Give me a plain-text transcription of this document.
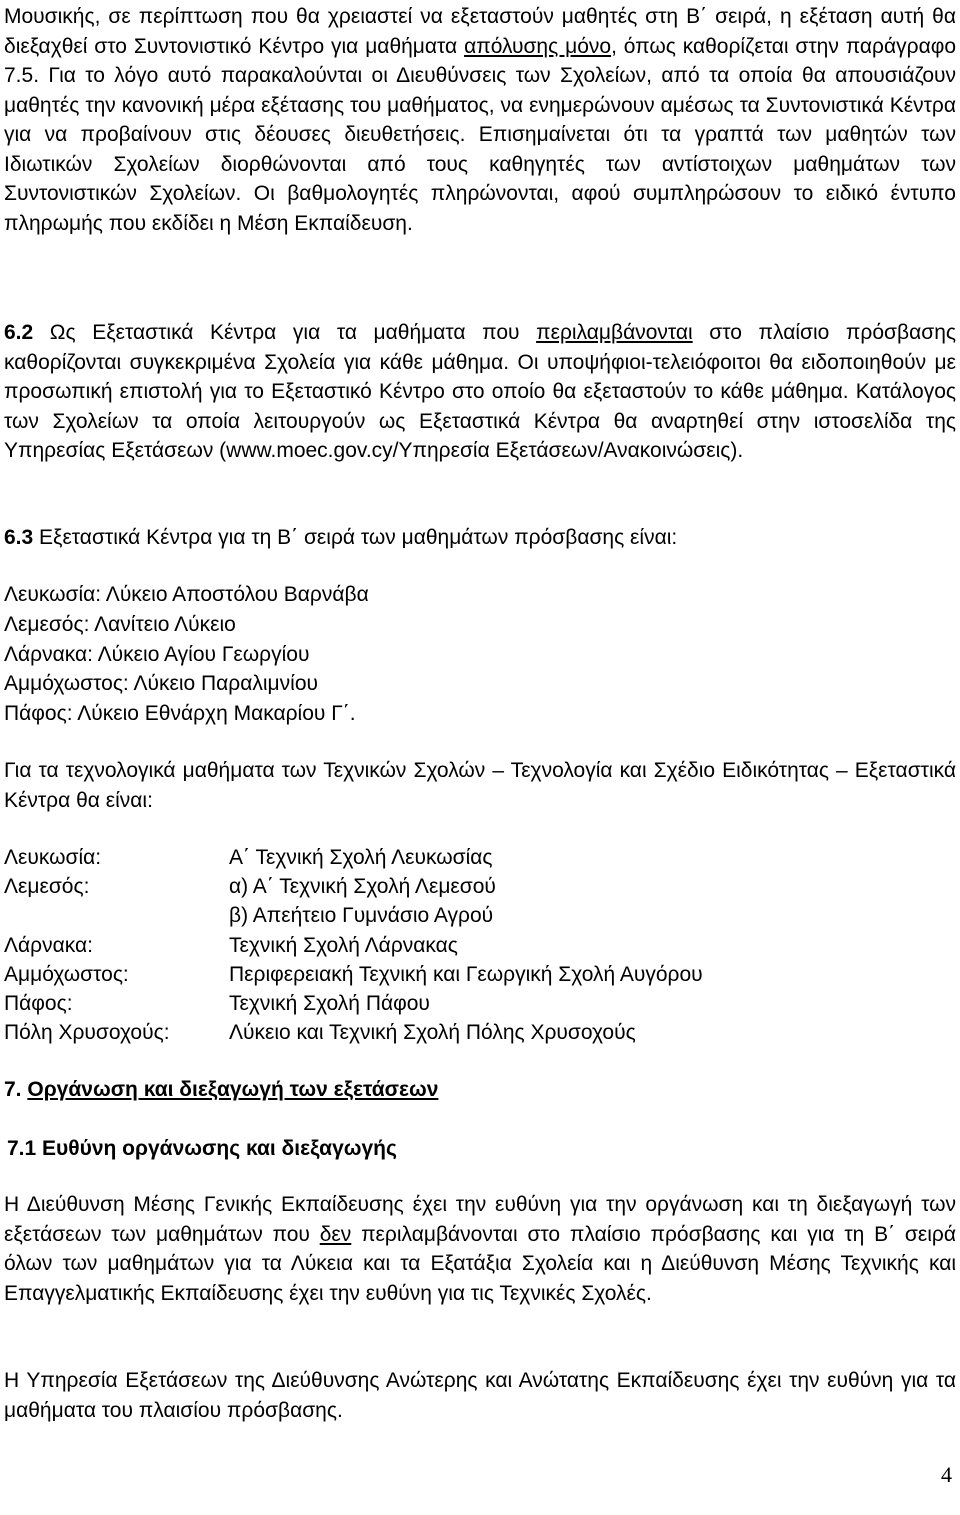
Μουσικής, σε περίπτωση που θα χρειαστεί να εξεταστούν μαθητές στη Β΄ σειρά, η εξέταση αυτή θα διεξαχθεί στο Συντονιστικό Κέντρο για μαθήματα απόλυσης μόνο, όπως καθορίζεται στην παράγραφο 7.5. Για το λόγο αυτό παρακαλούνται οι Διευθύνσεις των Σχολείων, από τα οποία θα απουσιάζουν μαθητές την κανονική μέρα εξέτασης του μαθήματος, να ενημερώνουν αμέσως τα Συντονιστικά Κέντρα για να προβαίνουν στις δέουσες διευθετήσεις. Επισημαίνεται ότι τα γραπτά των μαθητών των Ιδιωτικών Σχολείων διορθώνονται από τους καθηγητές των αντίστοιχων μαθημάτων των Συντονιστικών Σχολείων. Οι βαθμολογητές πληρώνονται, αφού συμπληρώσουν το ειδικό έντυπο πληρωμής που εκδίδει η Μέση Εκπαίδευση.

6.2 Ως Εξεταστικά Κέντρα για τα μαθήματα που περιλαμβάνονται στο πλαίσιο πρόσβασης καθορίζονται συγκεκριμένα Σχολεία για κάθε μάθημα. Οι υποψήφιοι-τελειόφοιτοι θα ειδοποιηθούν με προσωπική επιστολή για το Εξεταστικό Κέντρο στο οποίο θα εξεταστούν το κάθε μάθημα. Κατάλογος των Σχολείων τα οποία λειτουργούν ως Εξεταστικά Κέντρα θα αναρτηθεί στην ιστοσελίδα της Υπηρεσίας Εξετάσεων (www.moec.gov.cy/Υπηρεσία Εξετάσεων/Ανακοινώσεις).

6.3 Εξεταστικά Κέντρα για τη Β΄ σειρά των μαθημάτων πρόσβασης είναι:

Λευκωσία: Λύκειο Αποστόλου Βαρνάβα

Λεμεσός: Λανίτειο Λύκειο

Λάρνακα: Λύκειο Αγίου Γεωργίου

Αμμόχωστος: Λύκειο Παραλιμνίου

Πάφος: Λύκειο Εθνάρχη Μακαρίου Γ΄.

Για τα τεχνολογικά μαθήματα των Τεχνικών Σχολών – Τεχνολογία και Σχέδιο Ειδικότητας – Εξεταστικά Κέντρα θα είναι:

Λευκωσία:	Α΄ Τεχνική Σχολή Λευκωσίας
Λεμεσός:	α) Α΄ Τεχνική Σχολή Λεμεσού
	β) Απεήτειο Γυμνάσιο Αγρού
Λάρνακα:	Τεχνική Σχολή Λάρνακας
Αμμόχωστος:	Περιφερειακή Τεχνική και Γεωργική Σχολή Αυγόρου
Πάφος:	Τεχνική Σχολή Πάφου
Πόλη Χρυσοχούς:	Λύκειο και Τεχνική Σχολή Πόλης Χρυσοχούς

7. Οργάνωση και διεξαγωγή των εξετάσεων

7.1 Ευθύνη οργάνωσης και διεξαγωγής

Η Διεύθυνση Μέσης Γενικής Εκπαίδευσης έχει την ευθύνη για την οργάνωση και τη διεξαγωγή των εξετάσεων των μαθημάτων που δεν περιλαμβάνονται στο πλαίσιο πρόσβασης και για τη Β΄ σειρά όλων των μαθημάτων για τα Λύκεια και τα Εξατάξια Σχολεία και η Διεύθυνση Μέσης Τεχνικής και Επαγγελματικής Εκπαίδευσης έχει την ευθύνη για τις Τεχνικές Σχολές.

Η Υπηρεσία Εξετάσεων της Διεύθυνσης Ανώτερης και Ανώτατης Εκπαίδευσης έχει την ευθύνη για τα μαθήματα του πλαισίου πρόσβασης.

4
